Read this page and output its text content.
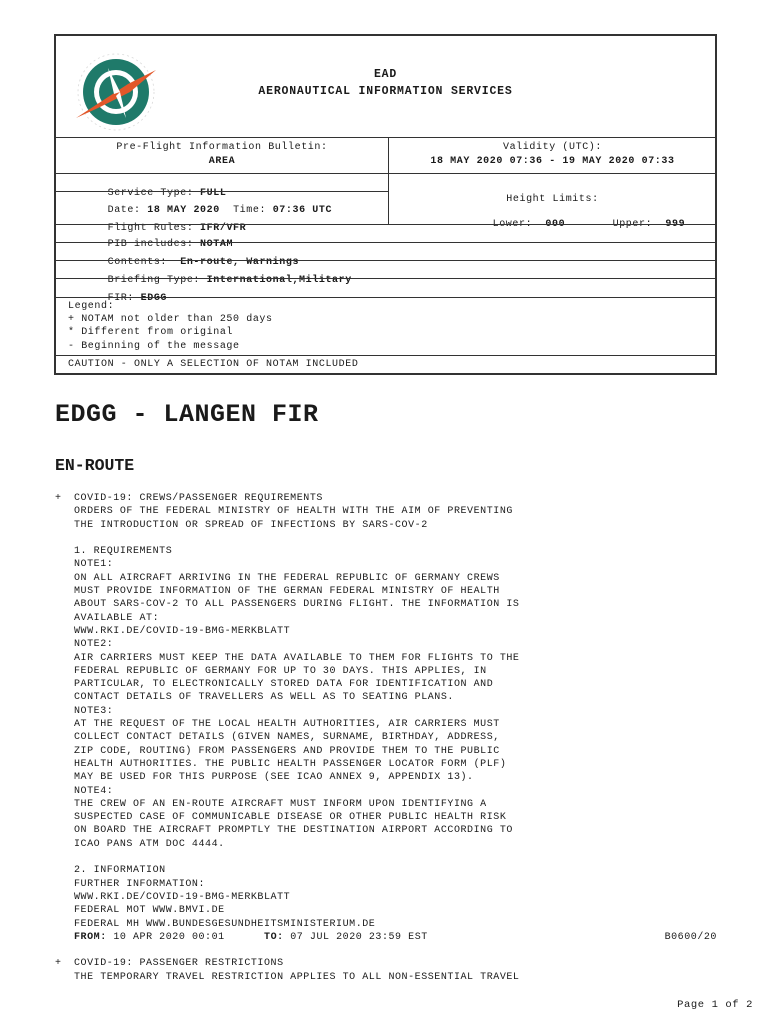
EAD
AERONAUTICAL INFORMATION SERVICES
Pre-Flight Information Bulletin:
AREA
Validity (UTC):
18 MAY 2020 07:36 - 19 MAY 2020 07:33

Service Type: FULL

Date: 18 MAY 2020 Time: 07:36 UTC

Flight Rules: IFR/VFR

Height Limits:

Lower: 000
	Upper: 999

PIB includes: NOTAM

Contents: En-route, Warnings

Briefing Type: International,Military

FIR: EDGG

Legend:
+ NOTAM not older than 250 days
* Different from original
- Beginning of the message
CAUTION - ONLY A SELECTION OF NOTAM INCLUDED
EDGG - LANGEN FIR
EN-ROUTE
+ COVID-19: CREWS/PASSENGER REQUIREMENTS
ORDERS OF THE FEDERAL MINISTRY OF HEALTH WITH THE AIM OF PREVENTING
THE INTRODUCTION OR SPREAD OF INFECTIONS BY SARS-COV-2
1. REQUIREMENTS
NOTE1:
ON ALL AIRCRAFT ARRIVING IN THE FEDERAL REPUBLIC OF GERMANY CREWS
MUST PROVIDE INFORMATION OF THE GERMAN FEDERAL MINISTRY OF HEALTH
ABOUT SARS-COV-2 TO ALL PASSENGERS DURING FLIGHT. THE INFORMATION IS
AVAILABLE AT:
WWW.RKI.DE/COVID-19-BMG-MERKBLATT
NOTE2:
AIR CARRIERS MUST KEEP THE DATA AVAILABLE TO THEM FOR FLIGHTS TO THE
FEDERAL REPUBLIC OF GERMANY FOR UP TO 30 DAYS. THIS APPLIES, IN
PARTICULAR, TO ELECTRONICALLY STORED DATA FOR IDENTIFICATION AND
CONTACT DETAILS OF TRAVELLERS AS WELL AS TO SEATING PLANS.
NOTE3:
AT THE REQUEST OF THE LOCAL HEALTH AUTHORITIES, AIR CARRIERS MUST
COLLECT CONTACT DETAILS (GIVEN NAMES, SURNAME, BIRTHDAY, ADDRESS,
ZIP CODE, ROUTING) FROM PASSENGERS AND PROVIDE THEM TO THE PUBLIC
HEALTH AUTHORITIES. THE PUBLIC HEALTH PASSENGER LOCATOR FORM (PLF)
MAY BE USED FOR THIS PURPOSE (SEE ICAO ANNEX 9, APPENDIX 13).
NOTE4:
THE CREW OF AN EN-ROUTE AIRCRAFT MUST INFORM UPON IDENTIFYING A
SUSPECTED CASE OF COMMUNICABLE DISEASE OR OTHER PUBLIC HEALTH RISK
ON BOARD THE AIRCRAFT PROMPTLY THE DESTINATION AIRPORT ACCORDING TO
ICAO PANS ATM DOC 4444.
2. INFORMATION
FURTHER INFORMATION:
WWW.RKI.DE/COVID-19-BMG-MERKBLATT
FEDERAL MOT WWW.BMVI.DE
FEDERAL MH WWW.BUNDESGESUNDHEITSMINISTERIUM.DE
FROM: 10 APR 2020 00:01	TO: 07 JUL 2020 23:59 EST	B0600/20
+ COVID-19: PASSENGER RESTRICTIONS
THE TEMPORARY TRAVEL RESTRICTION APPLIES TO ALL NON-ESSENTIAL TRAVEL
Page 1 of 2
